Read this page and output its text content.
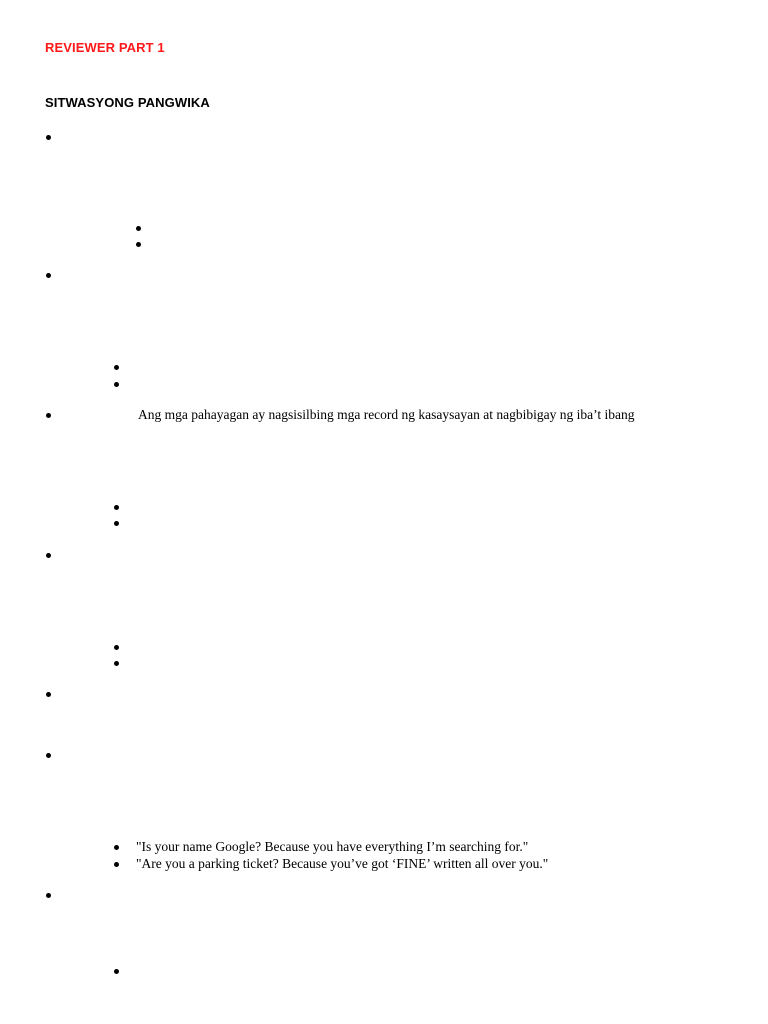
REVIEWER PART 1
SITWASYONG PANGWIKA
Ang mga pahayagan ay nagsisilbing mga record ng kasaysayan at nagbibigay ng iba’t ibang
"Is your name Google? Because you have everything I’m searching for."
"Are you a parking ticket? Because you’ve got ‘FINE’ written all over you."
